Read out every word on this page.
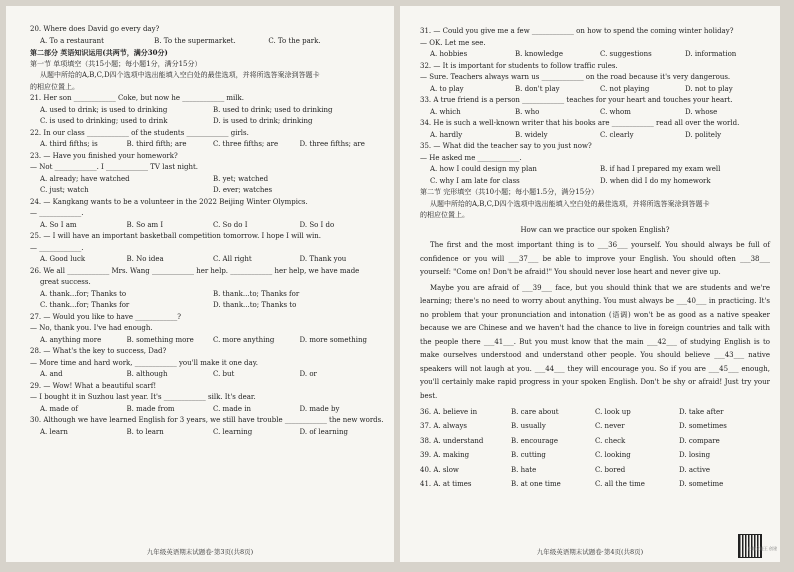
20. Where does David go every day?
A. To a restaurant	B. To the supermarket.	C. To the park.
第二部分 英语知识运用(共两节，满分30分)
第一节 单项填空（共15小题；每小题1分，满分15分）
从题中所给的A,B,C,D四个选项中选出能填入空白处的最佳选项，并将所选答案涂到答题卡
的相应位置上。
21. Her son ____________ Coke, but now he ____________ milk.
A. used to drink; is used to drinking	B. used to drink; used to drinking
C. is used to drinking; used to drink	D. is used to drink; drinking
22. In our class ____________ of the students ____________ girls.
A. third fifths; is	B. third fifth; are	C. three fifths; are	D. three fifths; are
23. — Have you finished your homework?
— Not ____________. I ____________ TV last night.
A. already; have watched	B. yet; watched
C. just; watch	D. ever; watches
24. — Kangkang wants to be a volunteer in the 2022 Beijing Winter Olympics.
— ____________.
A. So I am	B. So am I	C. So do I	D. So I do
25. — I will have an important basketball competition tomorrow. I hope I will win.
— ____________.
A. Good luck	B. No idea	C. All right	D. Thank you
26. We all ____________ Mrs. Wang ____________ her help. ____________ her help, we have made
great success.
A. thank...for; Thanks to	B. thank...to; Thanks for
C. thank...for; Thanks for	D. thank...to; Thanks to
27. — Would you like to have ____________?
— No, thank you. I've had enough.
A. anything more	B. something more	C. more anything	D. more something
28. — What's the key to success, Dad?
— More time and hard work, ____________ you'll make it one day.
A. and	B. although	C. but	D. or
29. — Wow! What a beautiful scarf!
— I bought it in Suzhou last year. It's ____________ silk. It's dear.
A. made of	B. made from	C. made in	D. made by
30. Although we have learned English for 3 years, we still have trouble ____________ the new words.
A. learn	B. to learn	C. learning	D. of learning
九年级英语期末试题卷·第3页(共8页)
31. — Could you give me a few ____________ on how to spend the coming winter holiday?
— OK. Let me see.
A. hobbies	B. knowledge	C. suggestions	D. information
32. — It is important for students to follow traffic rules.
— Sure. Teachers always warn us ____________ on the road because it's very dangerous.
A. to play	B. don't play	C. not playing	D. not to play
33. A true friend is a person ____________ teaches for your heart and touches your heart.
A. which	B. who	C. whom	D. whose
34. He is such a well-known writer that his books are ____________ read all over the world.
A. hardly	B. widely	C. clearly	D. politely
35. — What did the teacher say to you just now?
— He asked me ____________.
A. how I could design my plan	B. if had I prepared my exam well
C. why I am late for class	D. when did I do my homework
第二节 完形填空（共10小题；每小题1.5分，满分15分）
从题中所给的A,B,C,D四个选项中选出能填入空白处的最佳选项，并将所选答案涂到答题卡
的相应位置上。
How can we practice our spoken English?
The first and the most important thing is to ___36___ yourself. You should always be full of confidence or you will ___37___ be able to improve your English. You should often ___38___ yourself: "Come on! Don't be afraid!" You should never lose heart and never give up.
Maybe you are afraid of ___39___ face, but you should think that we are students and we're learning; there's no need to worry about anything. You must always be ___40___ in practicing. It's no problem that your pronunciation and intonation (语调) won't be as good as a native speaker because we are Chinese and we haven't had the chance to live in foreign countries and talk with the people there ___41___. But you must know that the main ___42___ of studying English is to make ourselves understood and understand other people. You should believe ___43___ native speakers will not laugh at you. ___44___ they will encourage you. So if you are ___45___ enough, you'll certainly make rapid progress in your spoken English. Don't be shy or afraid! Just try your best.
36. A. believe in	B. care about	C. look up	D. take after
37. A. always	B. usually	C. never	D. sometimes
38. A. understand	B. encourage	C. check	D. compare
39. A. making	B. cutting	C. looking	D. losing
40. A. slow	B. hate	C. bored	D. active
41. A. at times	B. at one time	C. all the time	D. sometime
九年级英语期末试题卷·第4页(共8页)	扫描全能王 创建
